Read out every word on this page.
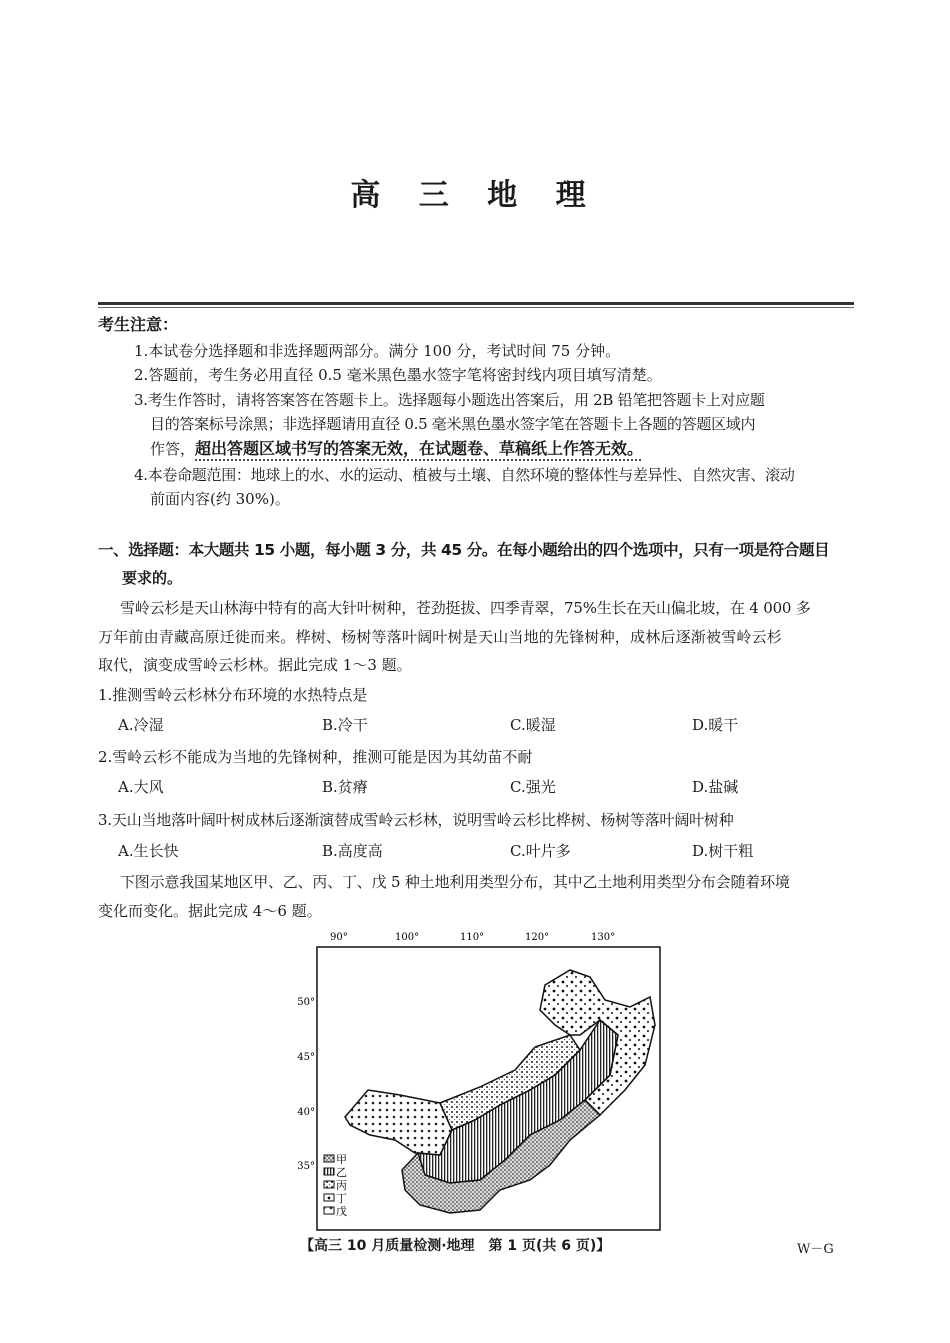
高 三 地 理
考生注意：
1.本试卷分选择题和非选择题两部分。满分 100 分，考试时间 75 分钟。
2.答题前，考生务必用直径 0.5 毫米黑色墨水签字笔将密封线内项目填写清楚。
3.考生作答时，请将答案答在答题卡上。选择题每小题选出答案后，用 2B 铅笔把答题卡上对应题
目的答案标号涂黑；非选择题请用直径 0.5 毫米黑色墨水签字笔在答题卡上各题的答题区域内
作答，超出答题区域书写的答案无效，在试题卷、草稿纸上作答无效。
4.本卷命题范围：地球上的水、水的运动、植被与土壤、自然环境的整体性与差异性、自然灾害、滚动
前面内容(约 30%)。
一、选择题：本大题共 15 小题，每小题 3 分，共 45 分。在每小题给出的四个选项中，只有一项是符合题目
要求的。
雪岭云杉是天山林海中特有的高大针叶树种，苍劲挺拔、四季青翠，75%生长在天山偏北坡，在 4 000 多
万年前由青藏高原迁徙而来。桦树、杨树等落叶阔叶树是天山当地的先锋树种，成林后逐渐被雪岭云杉
取代，演变成雪岭云杉林。据此完成 1～3 题。
1.推测雪岭云杉林分布环境的水热特点是
A.冷湿	B.冷干	C.暖湿	D.暖干
2.雪岭云杉不能成为当地的先锋树种，推测可能是因为其幼苗不耐
A.大风	B.贫瘠	C.强光	D.盐碱
3.天山当地落叶阔叶树成林后逐渐演替成雪岭云杉林，说明雪岭云杉比桦树、杨树等落叶阔叶树种
A.生长快	B.高度高	C.叶片多	D.树干粗
下图示意我国某地区甲、乙、丙、丁、戊 5 种土地利用类型分布，其中乙土地利用类型分布会随着环境
变化而变化。据此完成 4～6 题。
90°	100°	110°	120°	130°
50°
45°
40°
35°
甲
乙
丙
丁
戊
【高三 10 月质量检测·地理　第 1 页(共 6 页)】	W－G
